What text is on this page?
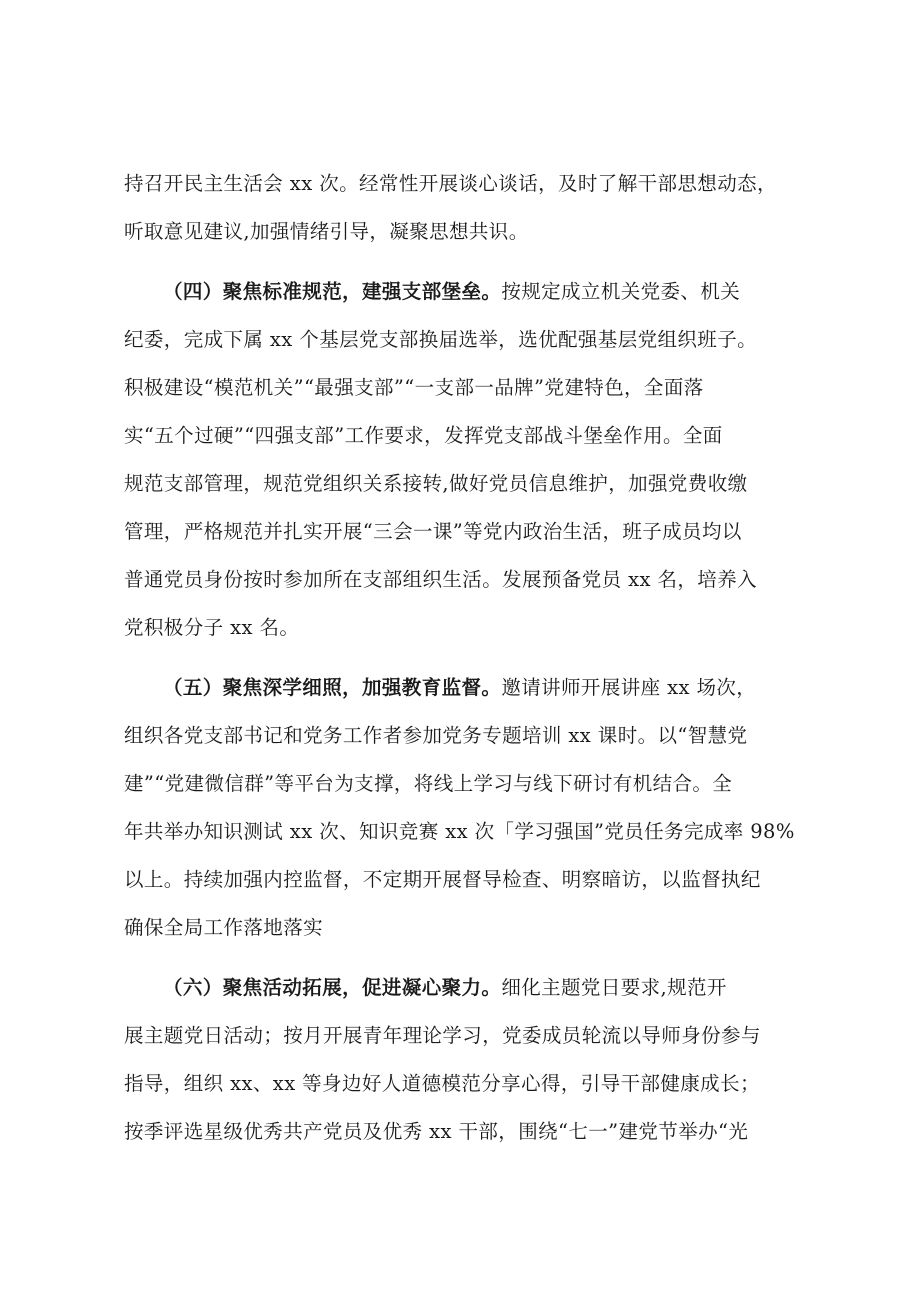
持召开民主生活会 xx 次。经常性开展谈心谈话，及时了解干部思想动态，
听取意见建议,加强情绪引导，凝聚思想共识。
（四）聚焦标准规范，建强支部堡垒。按规定成立机关党委、机关
纪委，完成下属 xx 个基层党支部换届选举，选优配强基层党组织班子。
积极建设“模范机关”“最强支部”“一支部一品牌”党建特色，全面落
实“五个过硬”“四强支部”工作要求，发挥党支部战斗堡垒作用。全面
规范支部管理，规范党组织关系接转,做好党员信息维护，加强党费收缴
管理，严格规范并扎实开展“三会一课”等党内政治生活，班子成员均以
普通党员身份按时参加所在支部组织生活。发展预备党员 xx 名，培养入
党积极分子 xx 名。
（五）聚焦深学细照，加强教育监督。邀请讲师开展讲座 xx 场次，
组织各党支部书记和党务工作者参加党务专题培训 xx 课时。以“智慧党
建”“党建微信群”等平台为支撑，将线上学习与线下研讨有机结合。全
年共举办知识测试 xx 次、知识竞赛 xx 次「学习强国”党员任务完成率 98%
以上。持续加强内控监督，不定期开展督导检查、明察暗访，以监督执纪
确保全局工作落地落实
（六）聚焦活动拓展，促进凝心聚力。细化主题党日要求,规范开
展主题党日活动；按月开展青年理论学习，党委成员轮流以导师身份参与
指导，组织 xx、xx 等身边好人道德模范分享心得，引导干部健康成长；
按季评选星级优秀共产党员及优秀 xx 干部，围绕“七一”建党节举办“光
